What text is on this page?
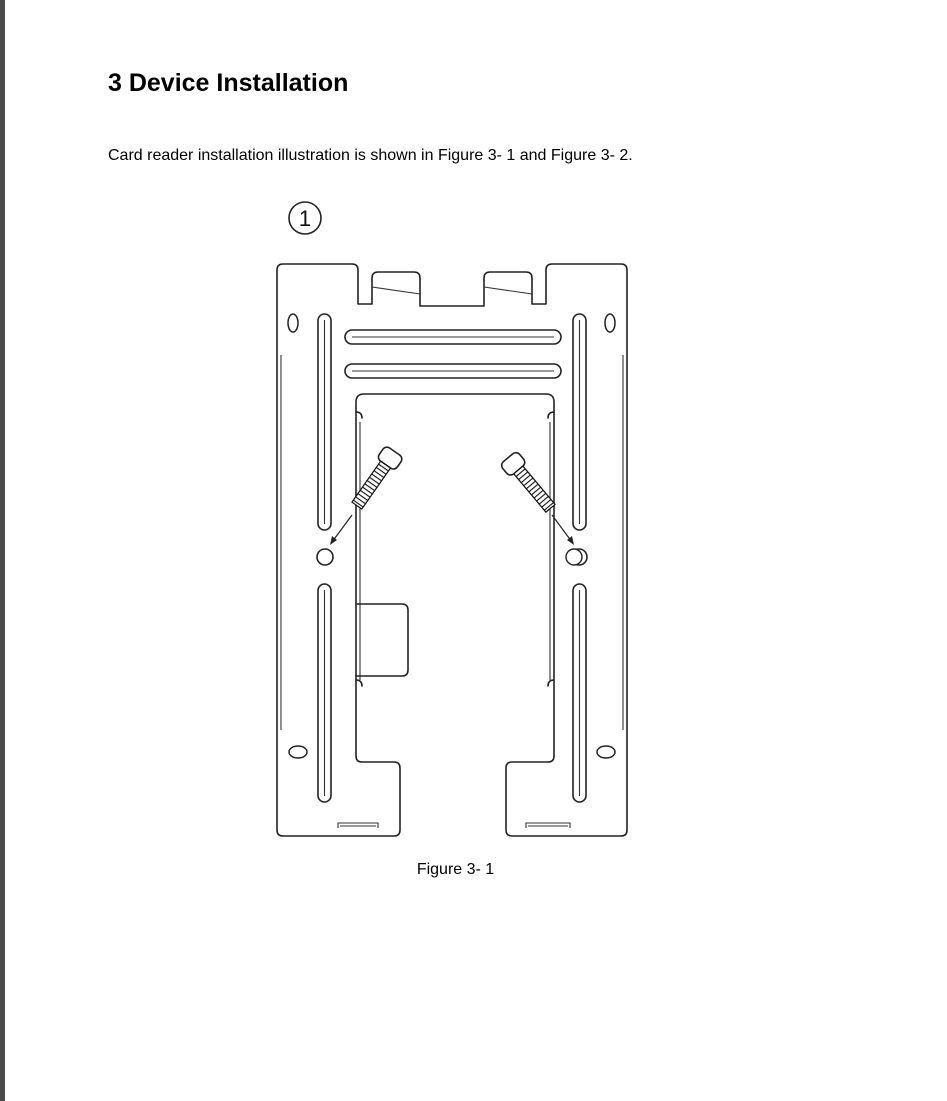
3 Device Installation

Card reader installation illustration is shown in Figure 3- 1 and Figure 3- 2.

1
Figure 3- 1
